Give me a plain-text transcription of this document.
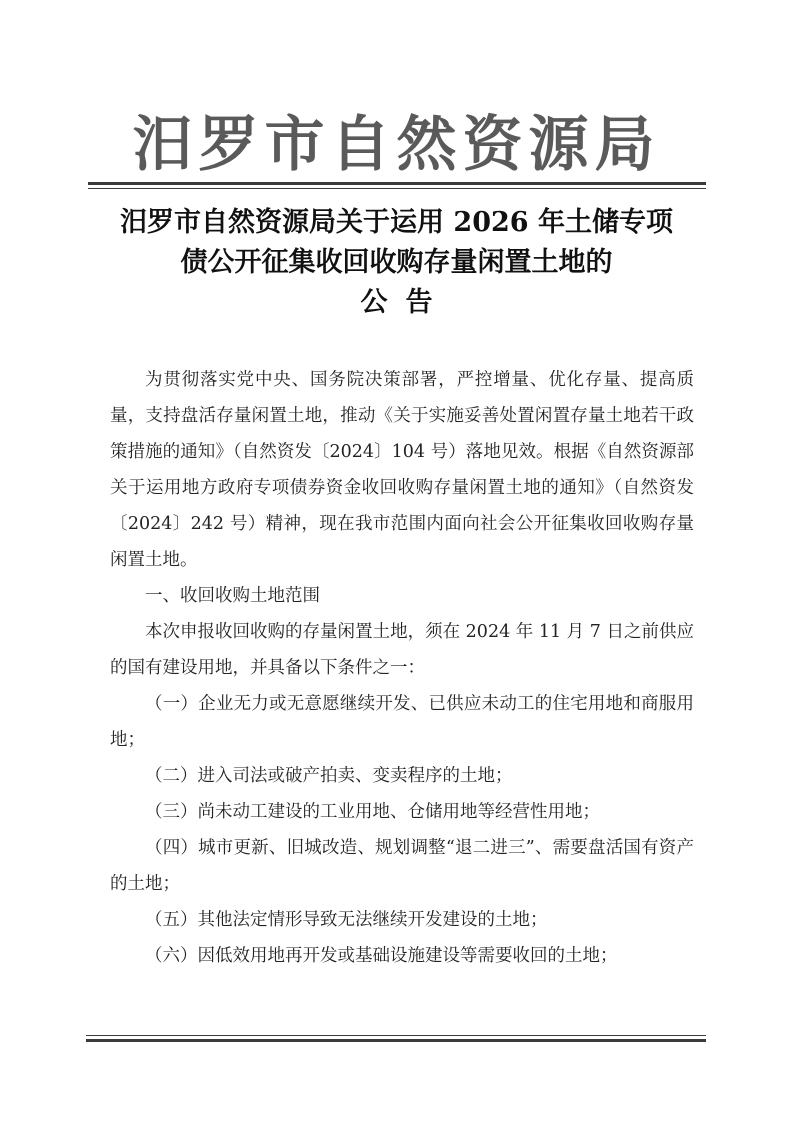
汨罗市自然资源局
汨罗市自然资源局关于运用 2026 年土储专项
债公开征集收回收购存量闲置土地的
公告

为贯彻落实党中央、国务院决策部署，严控增量、优化存量、提高质量，支持盘活存量闲置土地，推动《关于实施妥善处置闲置存量土地若干政策措施的通知》（自然资发〔2024〕104 号）落地见效。根据《自然资源部关于运用地方政府专项债券资金收回收购存量闲置土地的通知》（自然资发〔2024〕242 号）精神，现在我市范围内面向社会公开征集收回收购存量闲置土地。

一、收回收购土地范围

本次申报收回收购的存量闲置土地，须在 2024 年 11 月 7 日之前供应的国有建设用地，并具备以下条件之一：

（一）企业无力或无意愿继续开发、已供应未动工的住宅用地和商服用地；

（二）进入司法或破产拍卖、变卖程序的土地；

（三）尚未动工建设的工业用地、仓储用地等经营性用地；

（四）城市更新、旧城改造、规划调整“退二进三”、需要盘活国有资产的土地；

（五）其他法定情形导致无法继续开发建设的土地；

（六）因低效用地再开发或基础设施建设等需要收回的土地；
